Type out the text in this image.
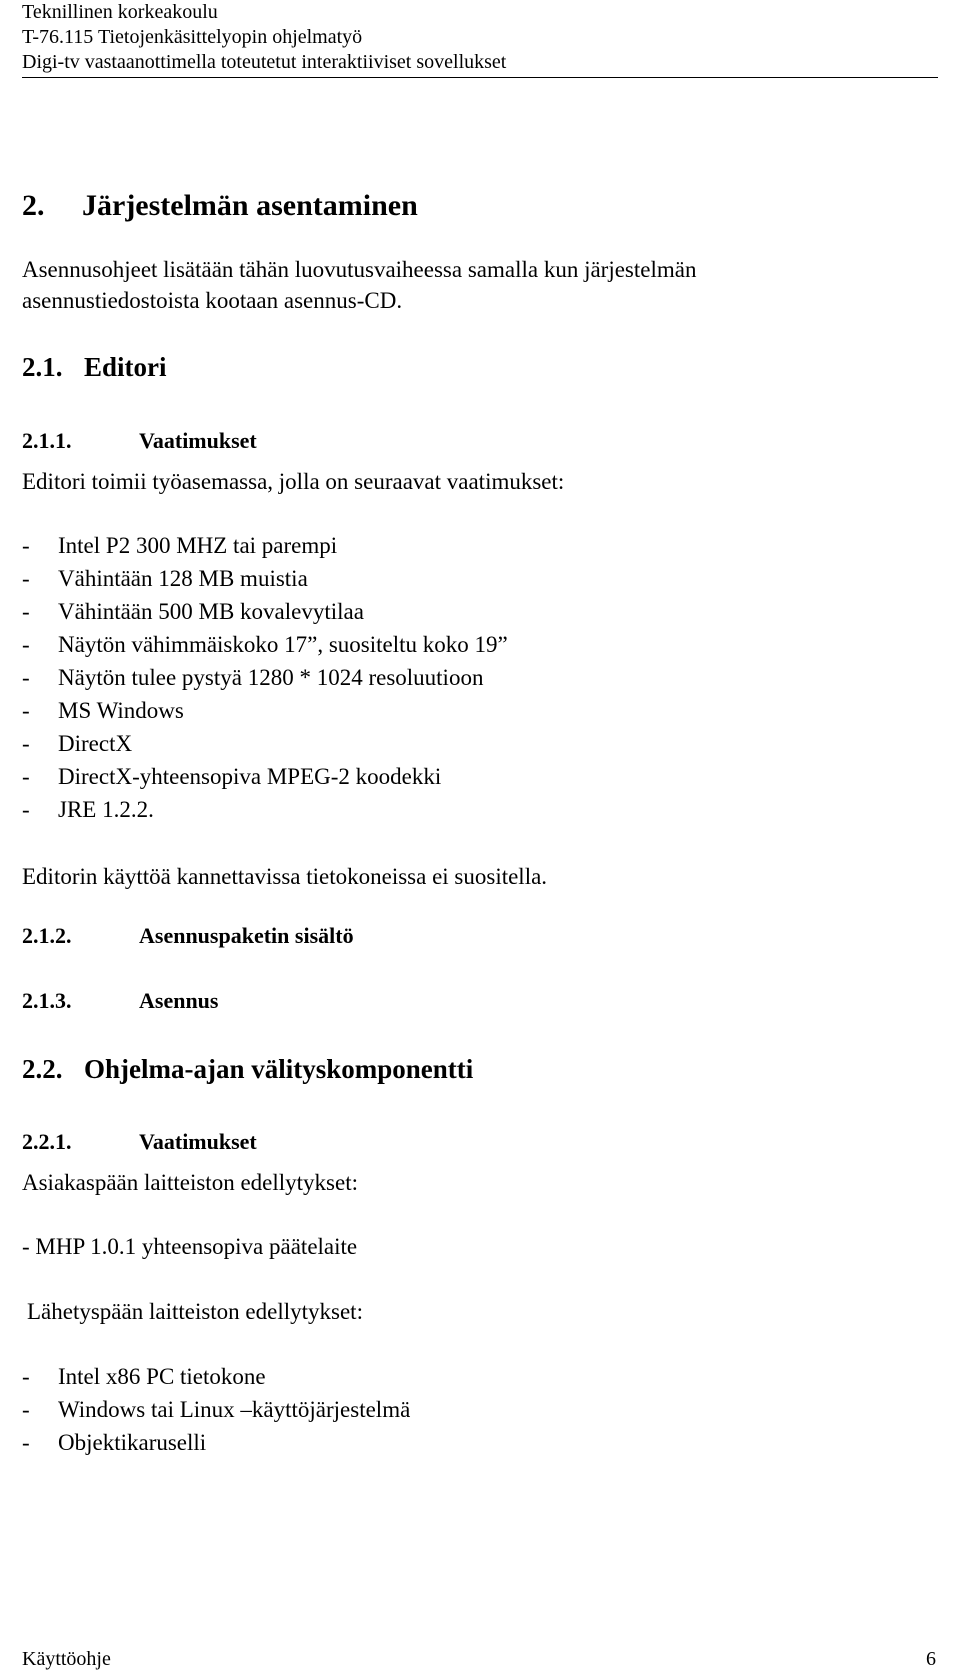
Teknillinen korkeakoulu
T-76.115 Tietojenkäsittelyopin ohjelmatyö
Digi-tv vastaanottimella toteutetut interaktiiviset sovellukset
2. Järjestelmän asentaminen
Asennusohjeet lisätään tähän luovutusvaiheessa samalla kun järjestelmän
asennustiedostoista kootaan asennus-CD.
2.1. Editori
2.1.1.	Vaatimukset
Editori toimii työasemassa, jolla on seuraavat vaatimukset:
- Intel P2 300 MHZ tai parempi
- Vähintään 128 MB muistia
- Vähintään 500 MB kovalevytilaa
- Näytön vähimmäiskoko 17”, suositeltu koko 19”
- Näytön tulee pystyä 1280 * 1024 resoluutioon
- MS Windows
- DirectX
- DirectX-yhteensopiva MPEG-2 koodekki
- JRE 1.2.2.
Editorin käyttöä kannettavissa tietokoneissa ei suositella.
2.1.2.	Asennuspaketin sisältö
2.1.3.	Asennus
2.2. Ohjelma-ajan välityskomponentti
2.2.1.	Vaatimukset
Asiakaspään laitteiston edellytykset:
- MHP 1.0.1 yhteensopiva päätelaite
Lähetyspään laitteiston edellytykset:
- Intel x86 PC tietokone
- Windows tai Linux –käyttöjärjestelmä
- Objektikaruselli
Käyttöohje	6
